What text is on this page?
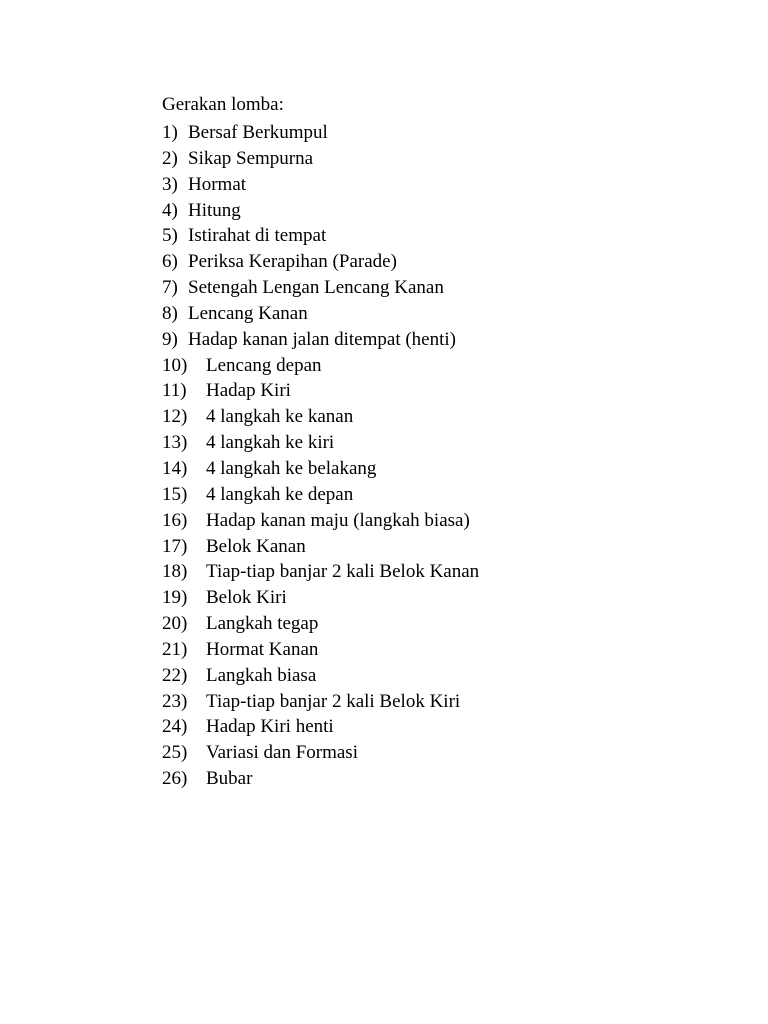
Gerakan lomba:
1) Bersaf Berkumpul
2) Sikap Sempurna
3) Hormat
4) Hitung
5) Istirahat di tempat
6) Periksa Kerapihan (Parade)
7) Setengah Lengan Lencang Kanan
8) Lencang Kanan
9) Hadap kanan jalan ditempat (henti)
10) Lencang depan
11)	Hadap Kiri
12) 4 langkah ke kanan
13) 4 langkah ke kiri
14) 4 langkah ke belakang
15) 4 langkah ke depan
16) Hadap kanan maju (langkah biasa)
17) Belok Kanan
18) Tiap-tiap banjar 2 kali Belok Kanan
19) Belok Kiri
20) Langkah tegap
21) Hormat Kanan
22) Langkah biasa
23) Tiap-tiap banjar 2 kali Belok Kiri
24) Hadap Kiri henti
25) Variasi dan Formasi
26) Bubar
